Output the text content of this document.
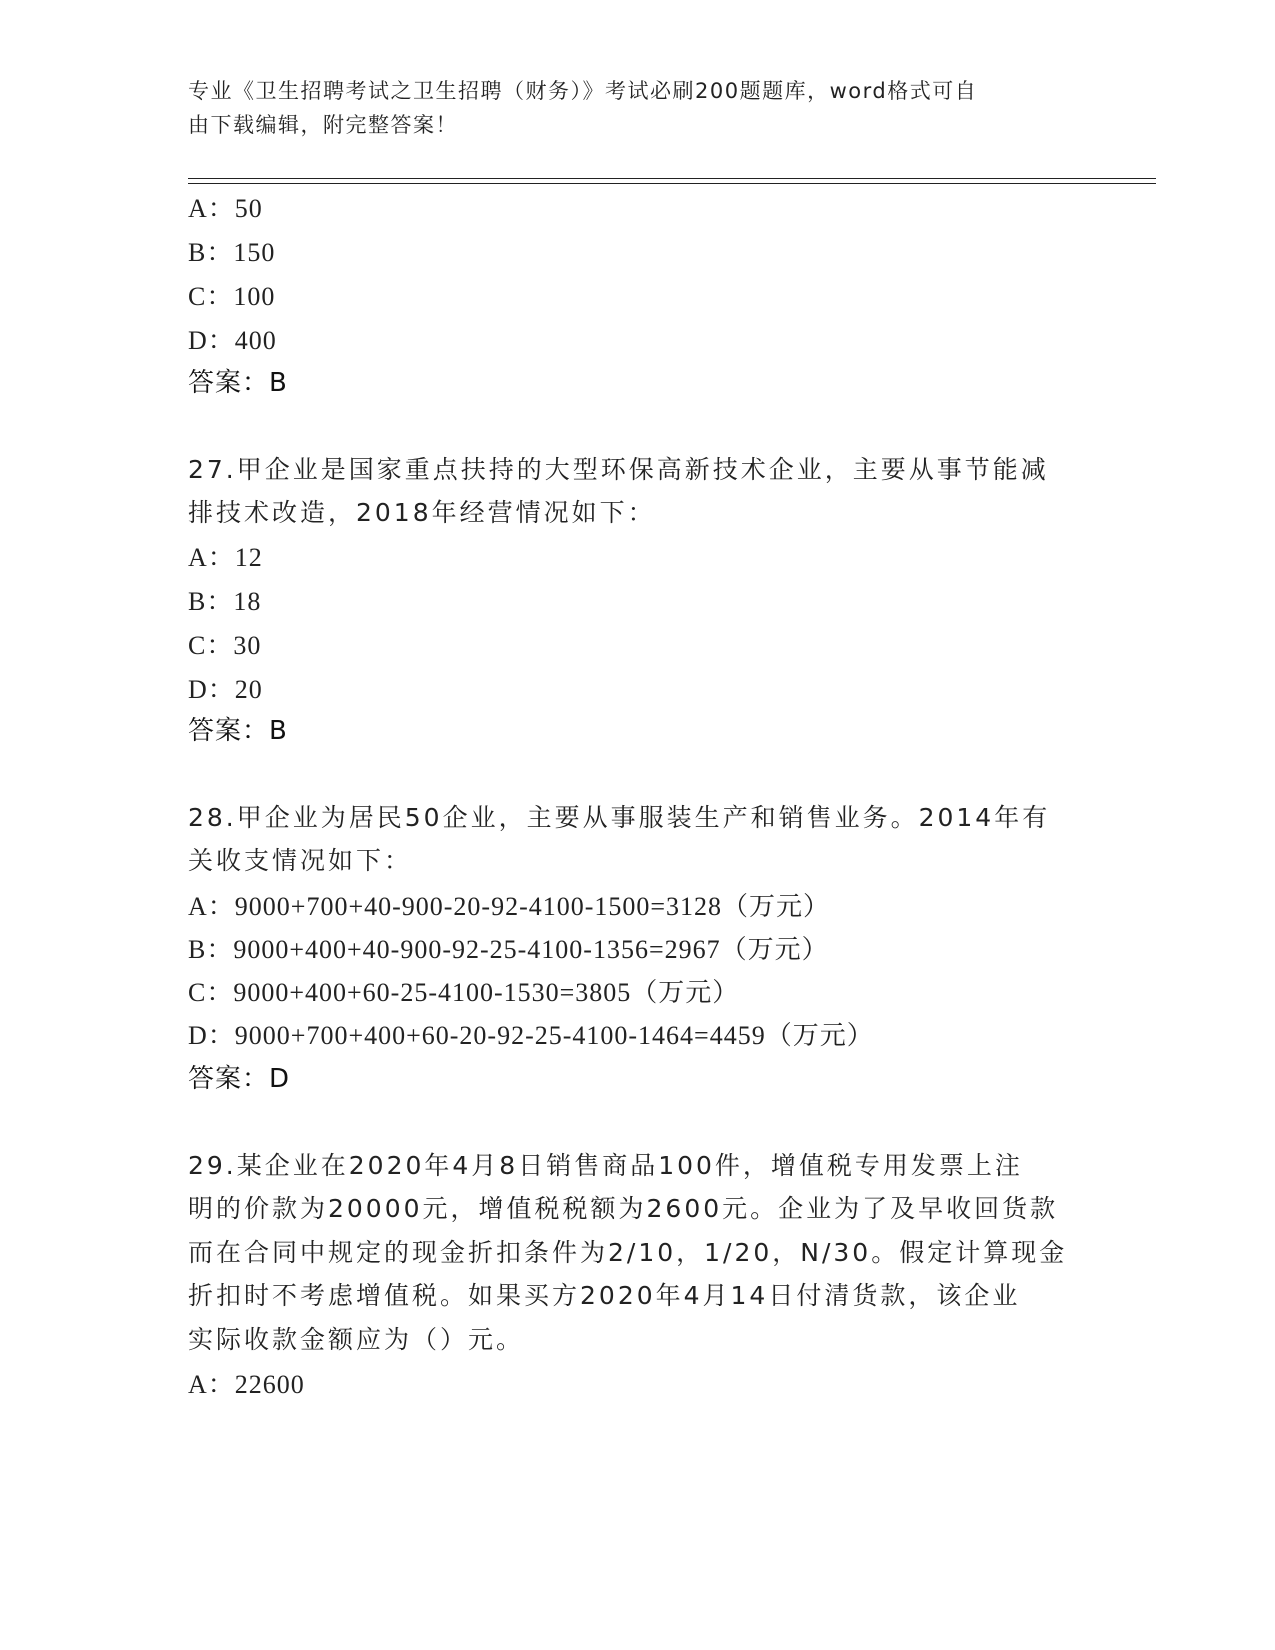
专业《卫生招聘考试之卫生招聘（财务）》考试必刷200题题库，word格式可自
由下载编辑，附完整答案！
A：50
B：150
C：100
D：400
答案：B
27.甲企业是国家重点扶持的大型环保高新技术企业，主要从事节能减
排技术改造，2018年经营情况如下：
A：12
B：18
C：30
D：20
答案：B
28.甲企业为居民50企业，主要从事服装生产和销售业务。2014年有
关收支情况如下：
A：9000+700+40-900-20-92-4100-1500=3128（万元）
B：9000+400+40-900-92-25-4100-1356=2967（万元）
C：9000+400+60-25-4100-1530=3805（万元）
D：9000+700+400+60-20-92-25-4100-1464=4459（万元）
答案：D
29.某企业在2020年4月8日销售商品100件，增值税专用发票上注
明的价款为20000元，增值税税额为2600元。企业为了及早收回货款
而在合同中规定的现金折扣条件为2/10，1/20，N/30。假定计算现金
折扣时不考虑增值税。如果买方2020年4月14日付清货款，该企业
实际收款金额应为（）元。
A：22600
